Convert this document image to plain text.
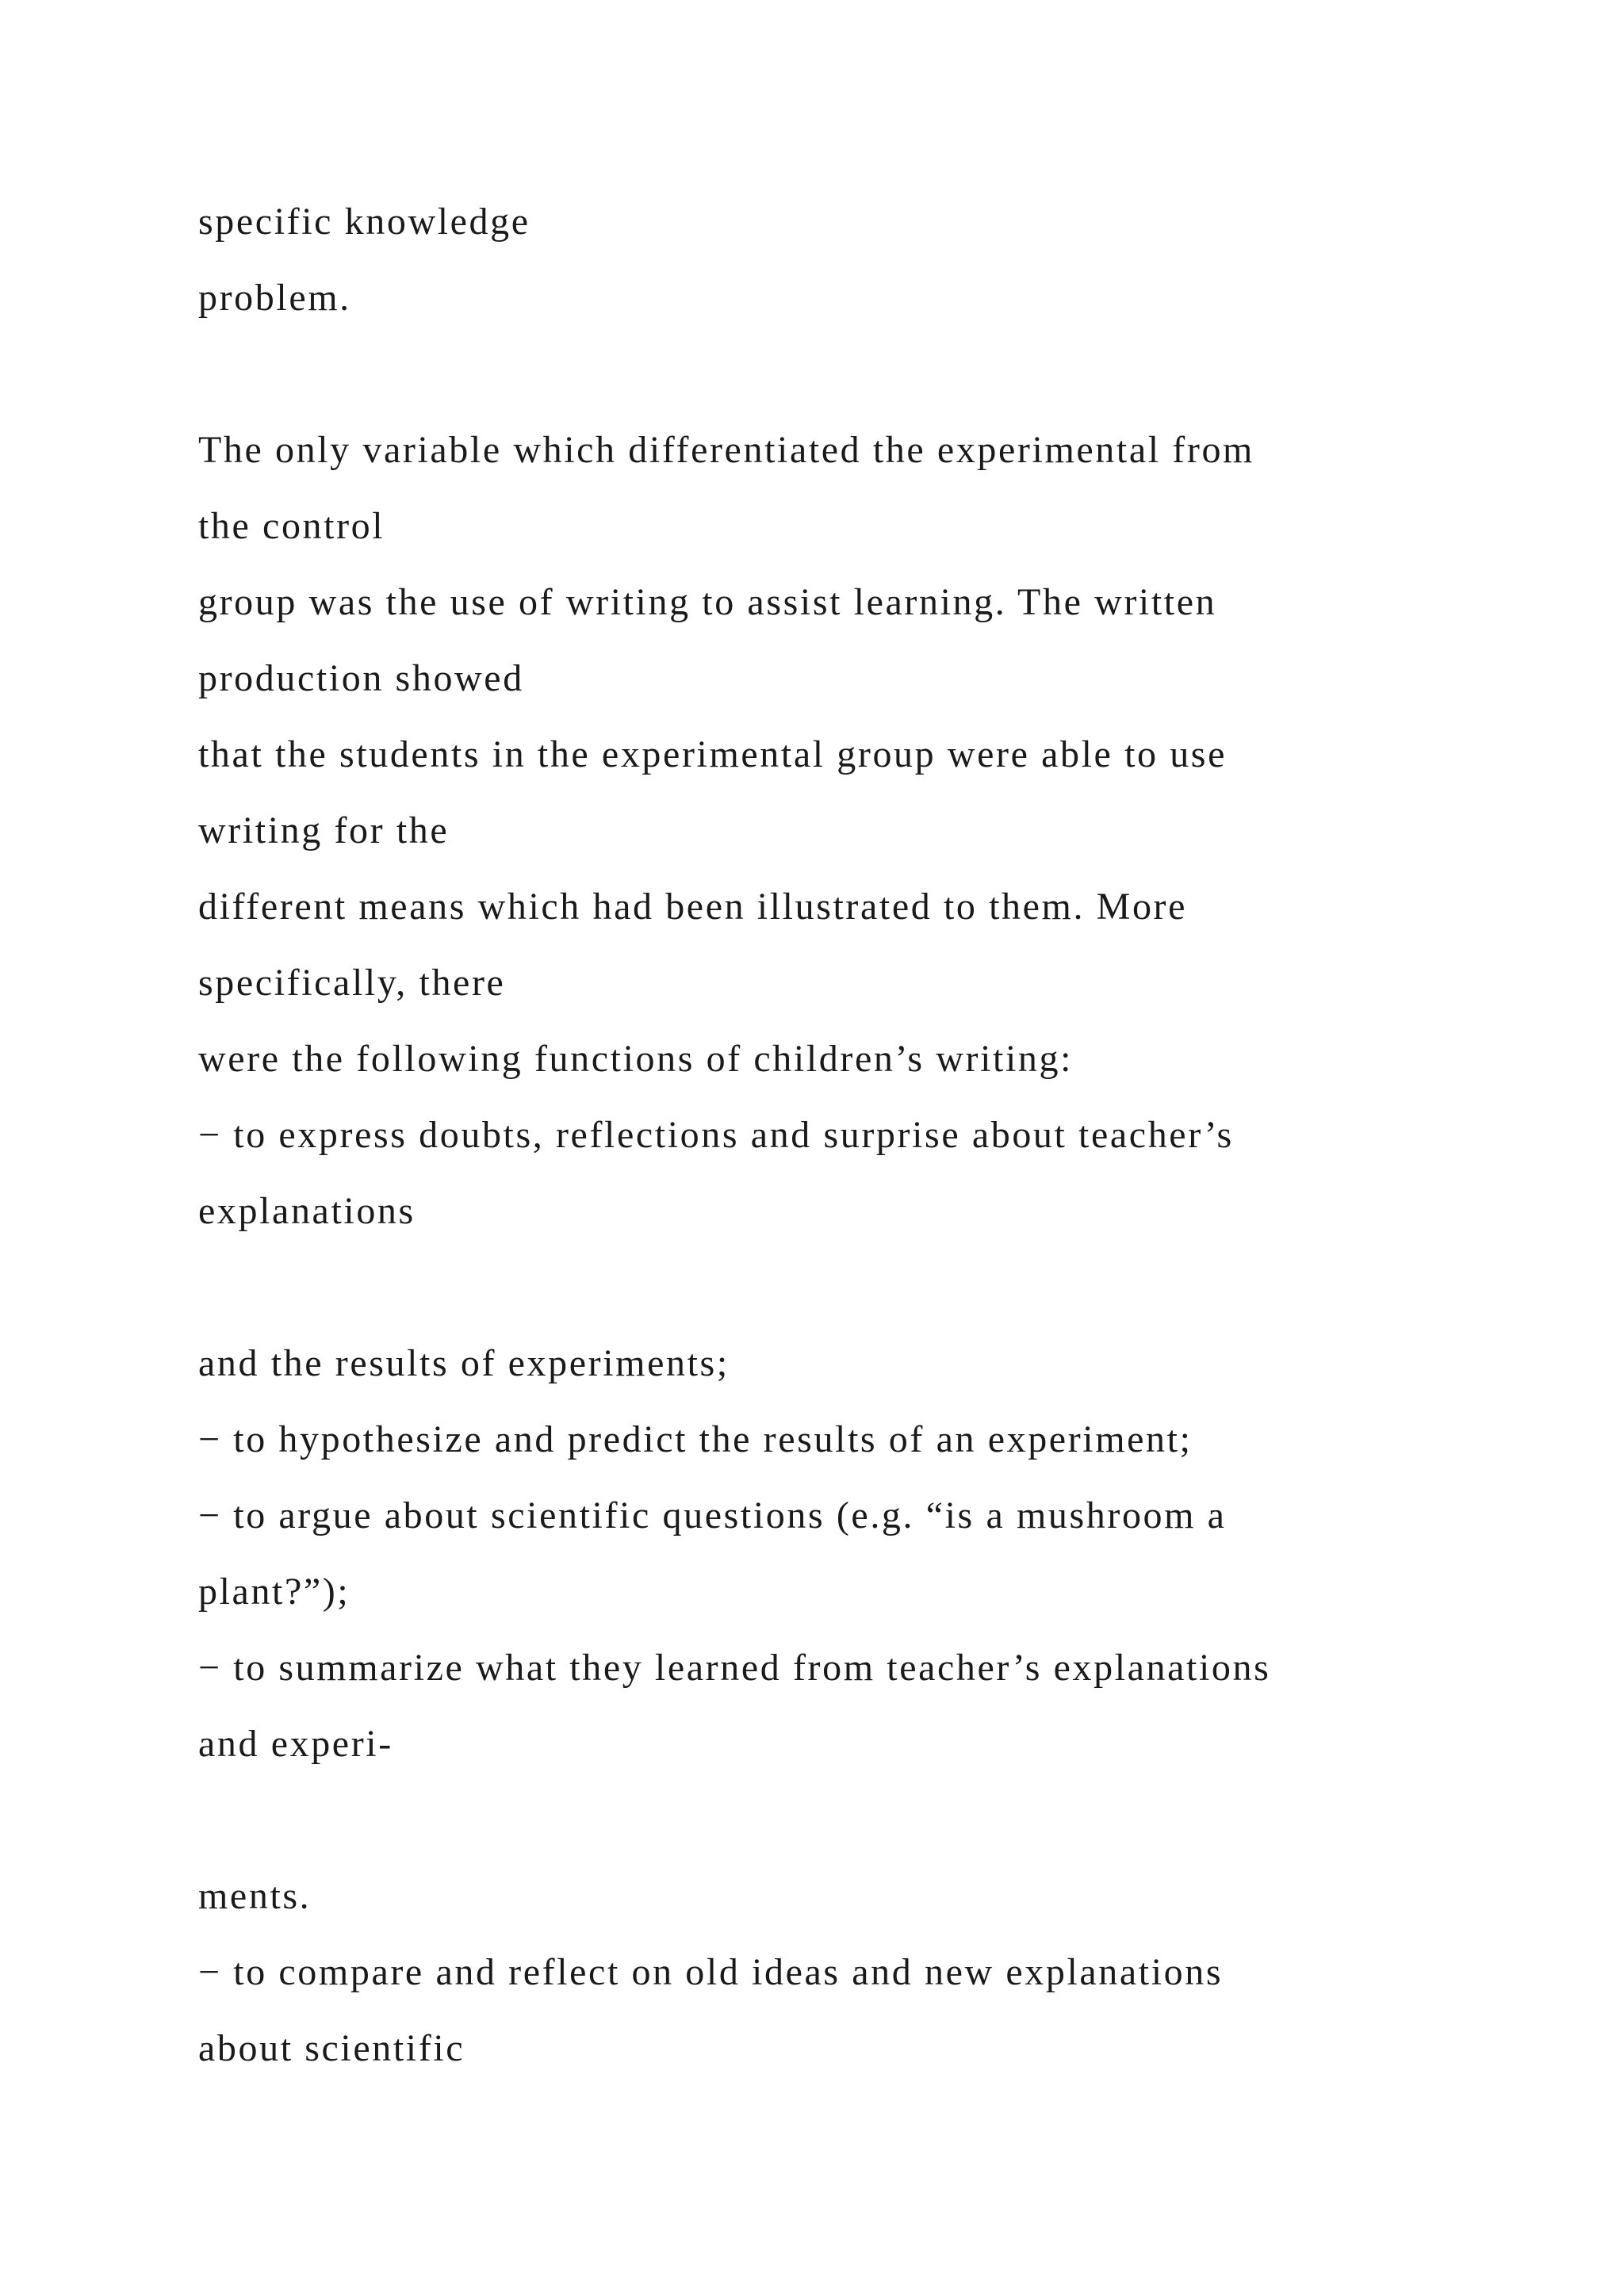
specific knowledge
problem.
The only variable which differentiated the experimental from
the control
group was the use of writing to assist learning. The written
production showed
that the students in the experimental group were able to use
writing for the
different means which had been illustrated to them. More
specifically, there
were the following functions of children’s writing:
− to express doubts, reflections and surprise about teacher’s
explanations
and the results of experiments;
− to hypothesize and predict the results of an experiment;
− to argue about scientific questions (e.g. “is a mushroom a
plant?”);
− to summarize what they learned from teacher’s explanations
and experi-
ments.
− to compare and reflect on old ideas and new explanations
about scientific
